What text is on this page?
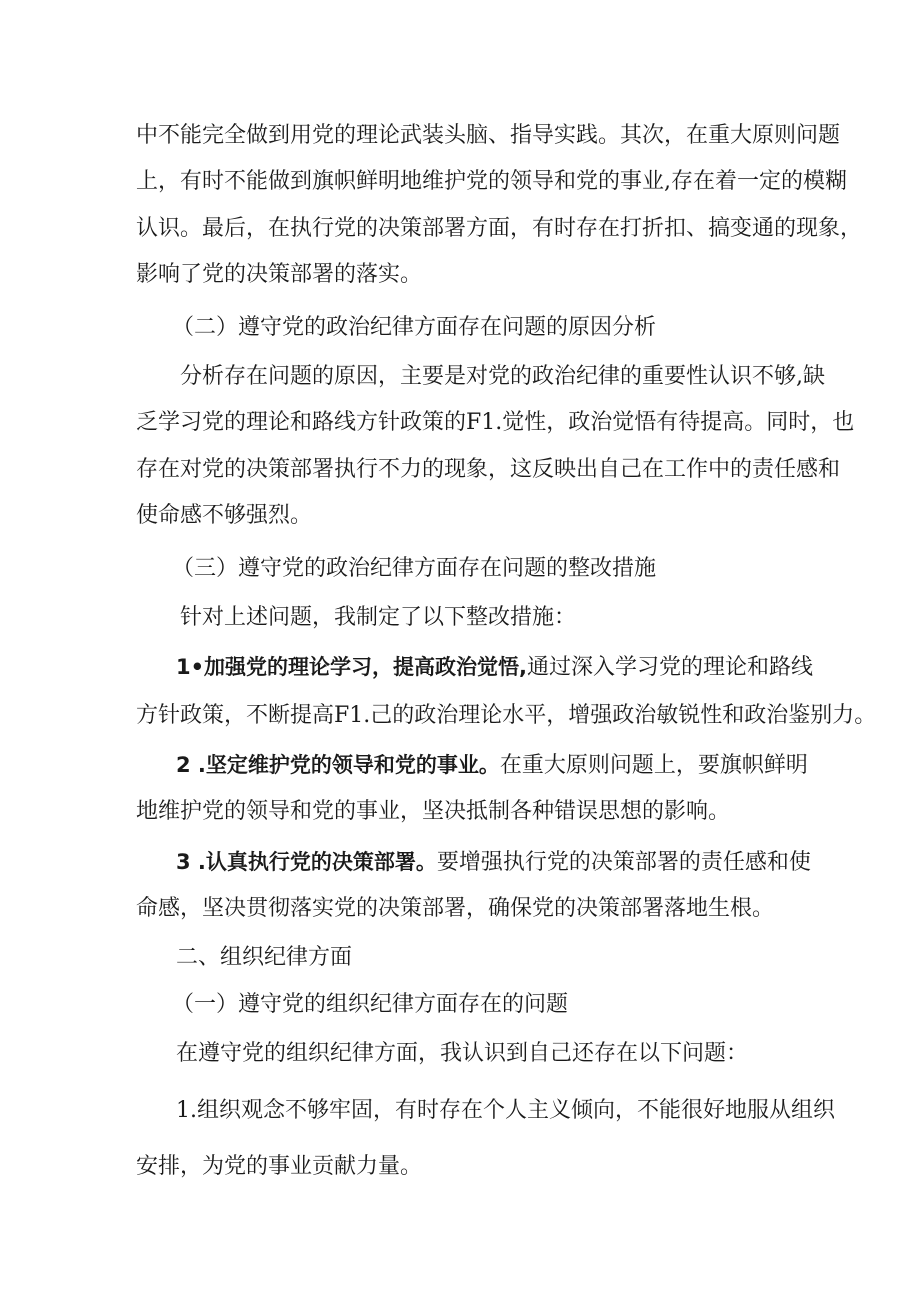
中不能完全做到用党的理论武装头脑、指导实践。其次，在重大原则问题
上，有时不能做到旗帜鲜明地维护党的领导和党的事业,存在着一定的模糊
认识。最后，在执行党的决策部署方面，有时存在打折扣、搞变通的现象，
影响了党的决策部署的落实。
（二）遵守党的政治纪律方面存在问题的原因分析
分析存在问题的原因，主要是对党的政治纪律的重要性认识不够,缺
乏学习党的理论和路线方针政策的F1.觉性，政治觉悟有待提高。同时，也
存在对党的决策部署执行不力的现象，这反映出自己在工作中的责任感和
使命感不够强烈。
（三）遵守党的政治纪律方面存在问题的整改措施
针对上述问题，我制定了以下整改措施：
1•加强党的理论学习，提高政治觉悟,通过深入学习党的理论和路线
方针政策，不断提高F1.己的政治理论水平，增强政治敏锐性和政治鉴别力。
2 .坚定维护党的领导和党的事业。在重大原则问题上，要旗帜鲜明
地维护党的领导和党的事业，坚决抵制各种错误思想的影响。
3 .认真执行党的决策部署。要增强执行党的决策部署的责任感和使
命感，坚决贯彻落实党的决策部署，确保党的决策部署落地生根。
二、组织纪律方面
（一）遵守党的组织纪律方面存在的问题
在遵守党的组织纪律方面，我认识到自己还存在以下问题：
1.组织观念不够牢固，有时存在个人主义倾向，不能很好地服从组织
安排，为党的事业贡献力量。
